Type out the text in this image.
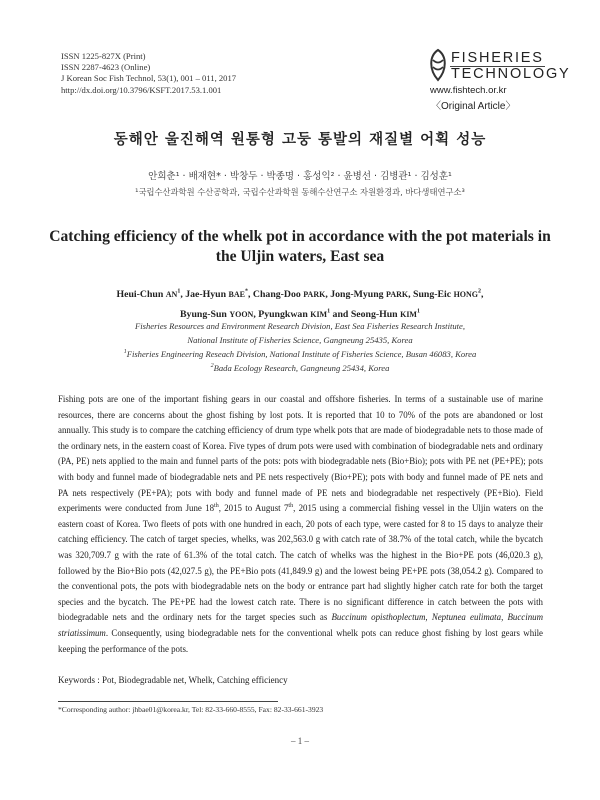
ISSN 1225-827X (Print)
ISSN 2287-4623 (Online)
J Korean Soc Fish Technol, 53(1), 001 – 011, 2017
http://dx.doi.org/10.3796/KSFT.2017.53.1.001
FISHERIES
TECHNOLOGY
www.fishtech.or.kr
〈Original Article〉
동해안 울진해역 원통형 고둥 통발의 재질별 어획 성능
안희춘¹ · 배재현* · 박창두 · 박종명 · 홍성익² · 윤병선 · 김병관¹ · 김성훈¹
¹국립수산과학원 수산공학과, 국립수산과학원 동해수산연구소 자원환경과, 바다생태연구소³
Catching efficiency of the whelk pot in accordance with the pot materials in the Uljin waters, East sea
Heui-Chun $AN^1$, Jae-Hyun BAE*, Chang-Doo PARK, Jong-Myung PARK, Sung-Eic HONG$^2$,
Byung-Sun YOON, Pyungkwan KIM$^1$ and Seong-Hun KIM$^1$
Fisheries Resources and Environment Research Division, East Sea Fisheries Research Institute,
National Institute of Fisheries Science, Gangneung 25435, Korea
$^1$Fisheries Engineering Reseach Division, National Institute of Fisheries Science, Busan 46083, Korea
$^2$Bada Ecology Research, Gangneung 25434, Korea
Fishing pots are one of the important fishing gears in our coastal and offshore fisheries. In terms of a sustainable use of marine resources, there are concerns about the ghost fishing by lost pots. It is reported that 10 to 70% of the pots are abandoned or lost annually. This study is to compare the catching efficiency of drum type whelk pots that are made of biodegradable nets to those made of the ordinary nets, in the eastern coast of Korea. Five types of drum pots were used with combination of biodegradable nets and ordinary (PA, PE) nets applied to the main and funnel parts of the pots: pots with biodegradable nets (Bio+Bio); pots with PE net (PE+PE); pots with body and funnel made of biodegradable nets and PE nets respectively (Bio+PE); pots with body and funnel made of PE nets and PA nets respectively (PE+PA); pots with body and funnel made of PE nets and biodegradable net respectively (PE+Bio). Field experiments were conducted from June 18th, 2015 to August 7th, 2015 using a commercial fishing vessel in the Uljin waters on the eastern coast of Korea. Two fleets of pots with one hundred in each, 20 pots of each type, were casted for 8 to 15 days to analyze their catching efficiency. The catch of target species, whelks, was 202,563.0 g with catch rate of 38.7% of the total catch, while the bycatch was 320,709.7 g with the rate of 61.3% of the total catch. The catch of whelks was the highest in the Bio+PE pots (46,020.3 g), followed by the Bio+Bio pots (42,027.5 g), the PE+Bio pots (41,849.9 g) and the lowest being PE+PE pots (38,054.2 g). Compared to the conventional pots, the pots with biodegradable nets on the body or entrance part had slightly higher catch rate for both the target species and the bycatch. The PE+PE had the lowest catch rate. There is no significant difference in catch between the pots with biodegradable nets and the ordinary nets for the target species such as Buccinum opisthoplectum, Neptunea eulimata, Buccinum striatissimum. Consequently, using biodegradable nets for the conventional whelk pots can reduce ghost fishing by lost gears while keeping the performance of the pots.
Keywords : Pot, Biodegradable net, Whelk, Catching efficiency
*Corresponding author: jhbae01@korea.kr, Tel: 82-33-660-8555, Fax: 82-33-661-3923
– 1 –
